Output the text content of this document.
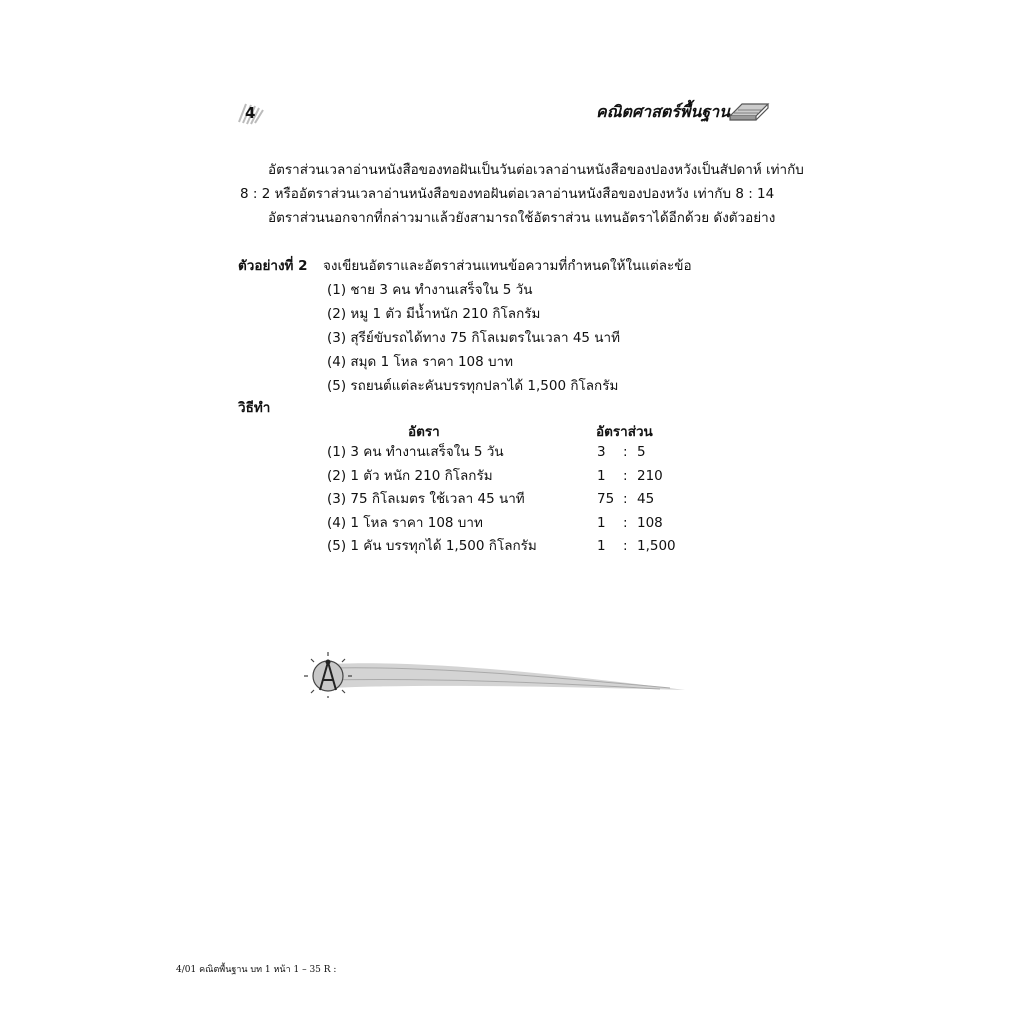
4	คณิตศาสตร์พื้นฐาน
อัตราส่วนเวลาอ่านหนังสือของทอฝันเป็นวันต่อเวลาอ่านหนังสือของปองหวังเป็นสัปดาห์ เท่ากับ
8 : 2 หรืออัตราส่วนเวลาอ่านหนังสือของทอฝันต่อเวลาอ่านหนังสือของปองหวัง เท่ากับ 8 : 14
อัตราส่วนนอกจากที่กล่าวมาแล้วยังสามารถใช้อัตราส่วน แทนอัตราได้อีกด้วย ดังตัวอย่าง
ตัวอย่างที่ 2 จงเขียนอัตราและอัตราส่วนแทนข้อความที่กำหนดให้ในแต่ละข้อ
(1) ชาย 3 คน ทำงานเสร็จใน 5 วัน
(2) หมู 1 ตัว มีน้ำหนัก 210 กิโลกรัม
(3) สุรีย์ขับรถได้ทาง 75 กิโลเมตรในเวลา 45 นาที
(4) สมุด 1 โหล ราคา 108 บาท
(5) รถยนต์แต่ละคันบรรทุกปลาได้ 1,500 กิโลกรัม
วิธีทำ
อัตรา	อัตราส่วน
(1) 3 คน ทำงานเสร็จใน 5 วัน	3 : 5
(2) 1 ตัว หนัก 210 กิโลกรัม	1 : 210
(3) 75 กิโลเมตร ใช้เวลา 45 นาที	75 : 45
(4) 1 โหล ราคา 108 บาท	1 : 108
(5) 1 คัน บรรทุกได้ 1,500 กิโลกรัม	1 : 1,500
4/01 คณิตพื้นฐาน บท 1 หน้า 1 – 35 R :
